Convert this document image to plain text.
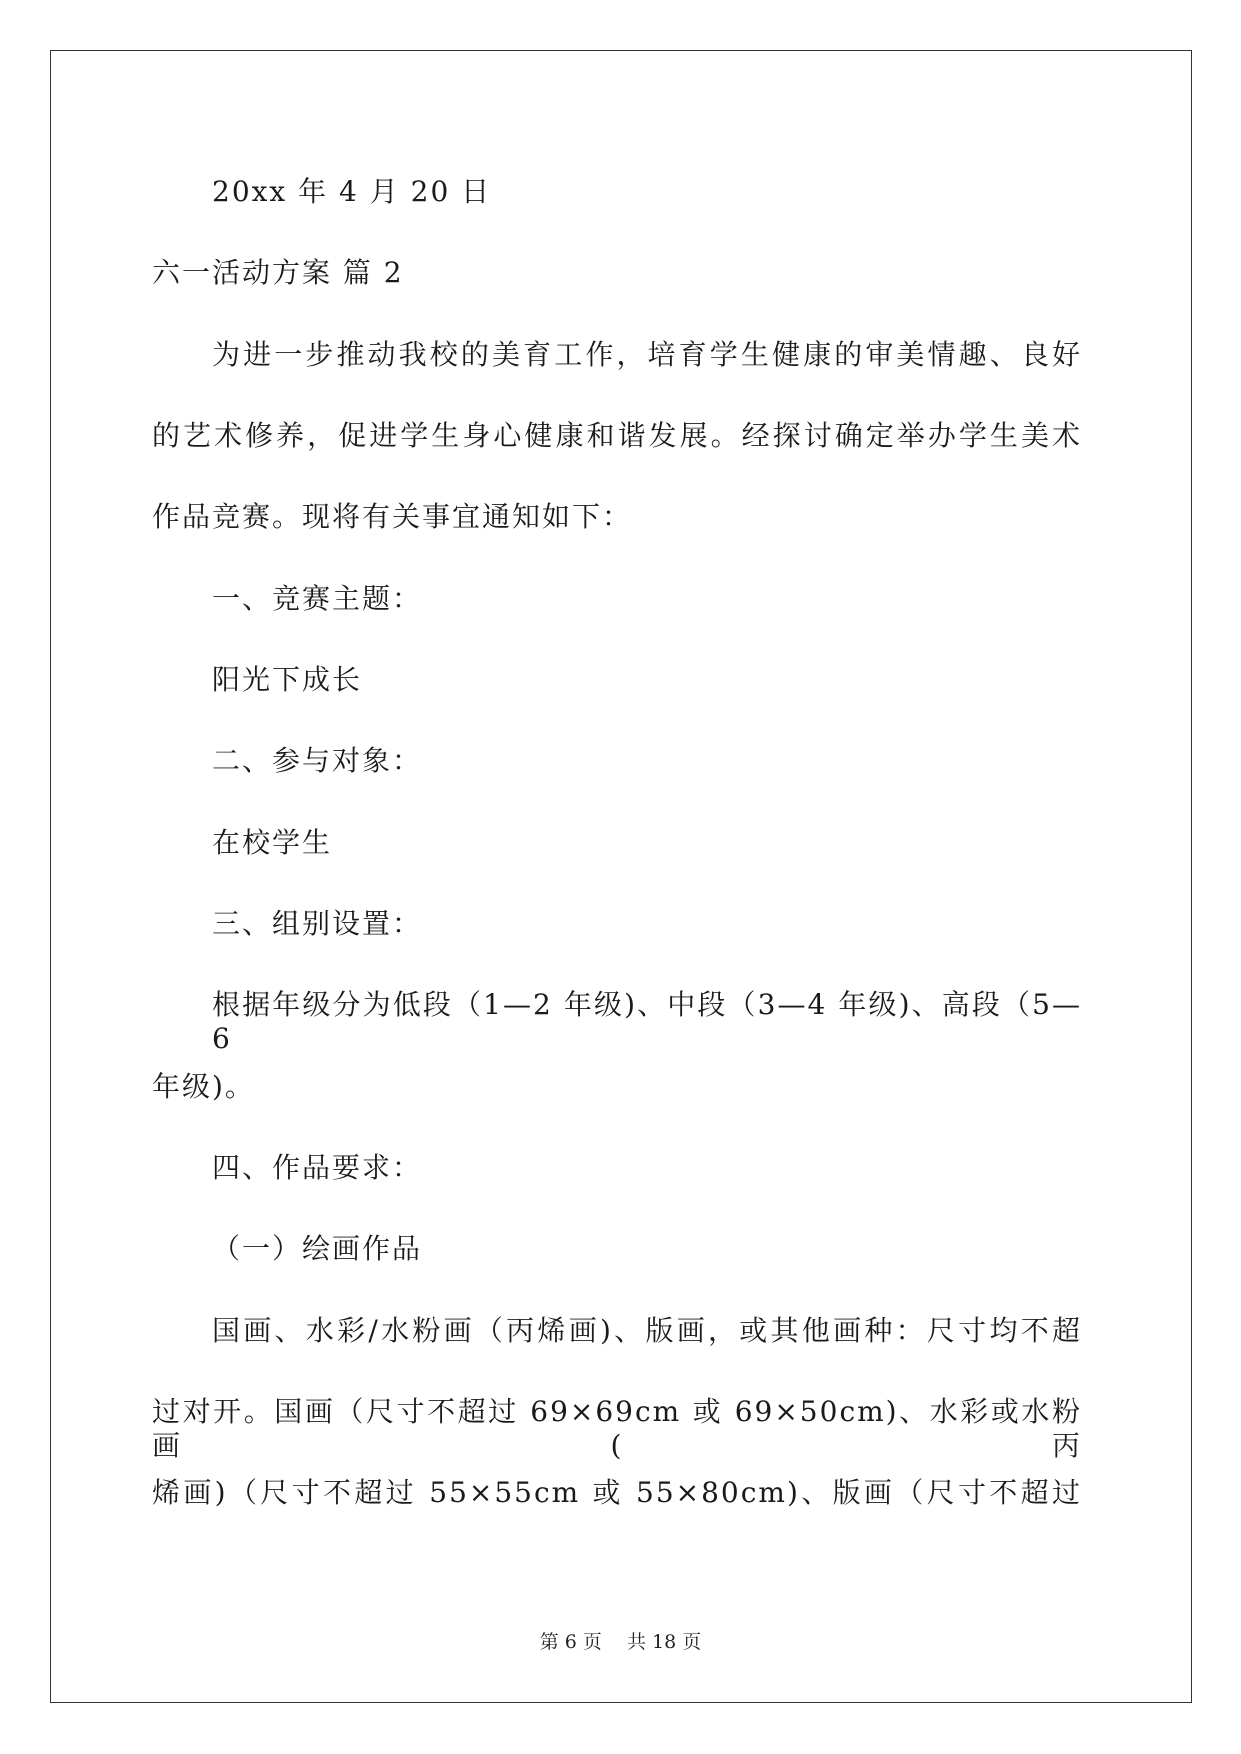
20xx 年 4 月 20 日
六一活动方案 篇 2
为进一步推动我校的美育工作，培育学生健康的审美情趣、良好
的艺术修养，促进学生身心健康和谐发展。经探讨确定举办学生美术
作品竞赛。现将有关事宜通知如下：
一、竞赛主题：
阳光下成长
二、参与对象：
在校学生
三、组别设置：
根据年级分为低段（1—2 年级)、中段（3—4 年级)、高段（5—6
年级)。
四、作品要求：
（一）绘画作品
国画、水彩/水粉画（丙烯画)、版画，或其他画种：尺寸均不超
过对开。国画（尺寸不超过 69×69cm 或 69×50cm)、水彩或水粉画(丙
烯画)（尺寸不超过 55×55cm 或 55×80cm)、版画（尺寸不超过
第 6 页　 共 18 页
